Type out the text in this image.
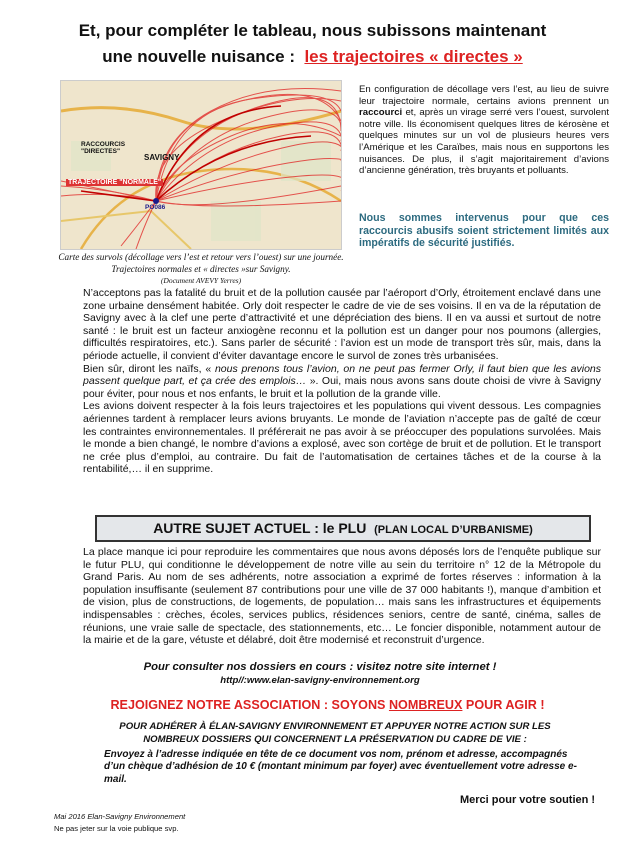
Et, pour compléter le tableau, nous subissons maintenant
une nouvelle nuisance : les trajectoires « directes »
RACCOURCIS "DIRECTES"
SAVIGNY
TRAJECTOIRE "NORMALE"
PO086
Carte des survols (décollage vers l’est et retour vers l’ouest) sur une journée.
Trajectoires normales et « directes »sur Savigny.
(Document AVEVY Yerres)
En configuration de décollage vers l’est, au lieu de suivre leur trajectoire normale, certains avions prennent un raccourci et, après un virage serré vers l’ouest, survolent notre ville. Ils économisent quelques litres de kérosène et quelques minutes sur un vol de plusieurs heures vers l’Amérique et les Caraïbes, mais nous en supportons les nuisances. De plus, il s’agit majoritairement d’avions d’ancienne génération, très bruyants et polluants.
Nous sommes intervenus pour que ces raccourcis abusifs soient strictement limités aux impératifs de sécurité justifiés.

N’acceptons pas la fatalité du bruit et de la pollution causée par l’aéroport d’Orly, étroitement enclavé dans une zone urbaine densément habitée. Orly doit respecter le cadre de vie de ses voisins. Il en va de la réputation de Savigny avec à la clef une perte d’attractivité et une dépréciation des biens. Il en va aussi et surtout de notre santé : le bruit est un facteur anxiogène reconnu et la pollution est un danger pour nos poumons (allergies, difficultés respiratoires, etc.). Sans parler de sécurité : l’avion est un mode de transport très sûr, mais, dans la période actuelle, il convient d’éviter davantage encore le survol de zones très urbanisées.

Bien sûr, diront les naïfs, « nous prenons tous l’avion, on ne peut pas fermer Orly, il faut bien que les avions passent quelque part, et ça crée des emplois… ». Oui, mais nous avons sans doute choisi de vivre à Savigny pour éviter, pour nous et nos enfants, le bruit et la pollution de la grande ville.

Les avions doivent respecter à la fois leurs trajectoires et les populations qui vivent dessous. Les compagnies aériennes tardent à remplacer leurs avions bruyants. Le monde de l’aviation n’accepte pas de gaîté de cœur les contraintes environnementales. Il préférerait ne pas avoir à se préoccuper des populations survolées. Mais le monde a bien changé, le nombre d’avions a explosé, avec son cortège de bruit et de pollution. Et le transport ne crée plus d’emploi, au contraire. Du fait de l’automatisation de certaines tâches et de la course à la rentabilité,… il en supprime.

AUTRE SUJET ACTUEL : le PLU (PLAN LOCAL D’URBANISME)
La place manque ici pour reproduire les commentaires que nous avons déposés lors de l’enquête publique sur le futur PLU, qui conditionne le développement de notre ville au sein du territoire n° 12 de la Métropole du Grand Paris. Au nom de ses adhérents, notre association a exprimé de fortes réserves : information à la population insuffisante (seulement 87 contributions pour une ville de 37 000 habitants !), manque d’ambition et de vision, plus de constructions, de logements, de population… mais sans les infrastructures et équipements indispensables : crèches, écoles, services publics, résidences seniors, centre de santé, cinéma, salles de réunions, une vraie salle de spectacle, des stationnements, etc… Le foncier disponible, notamment autour de la mairie et de la gare, vétuste et délabré, doit être modernisé et reconstruit d’urgence.
Pour consulter nos dossiers en cours : visitez notre site internet !
http//:www.elan-savigny-environnement.org
REJOIGNEZ NOTRE ASSOCIATION : SOYONS NOMBREUX POUR AGIR !
POUR ADHÉRER À ÉLAN-SAVIGNY ENVIRONNEMENT ET APPUYER NOTRE ACTION SUR LES NOMBREUX DOSSIERS QUI CONCERNENT LA PRÉSERVATION DU CADRE DE VIE :
Envoyez à l’adresse indiquée en tête de ce document vos nom, prénom et adresse, accompagnés d’un chèque d’adhésion de 10 € (montant minimum par foyer) avec éventuellement votre adresse e-mail.
Merci pour votre soutien !
Mai 2016 Elan-Savigny Environnement
Ne pas jeter sur la voie publique svp.
